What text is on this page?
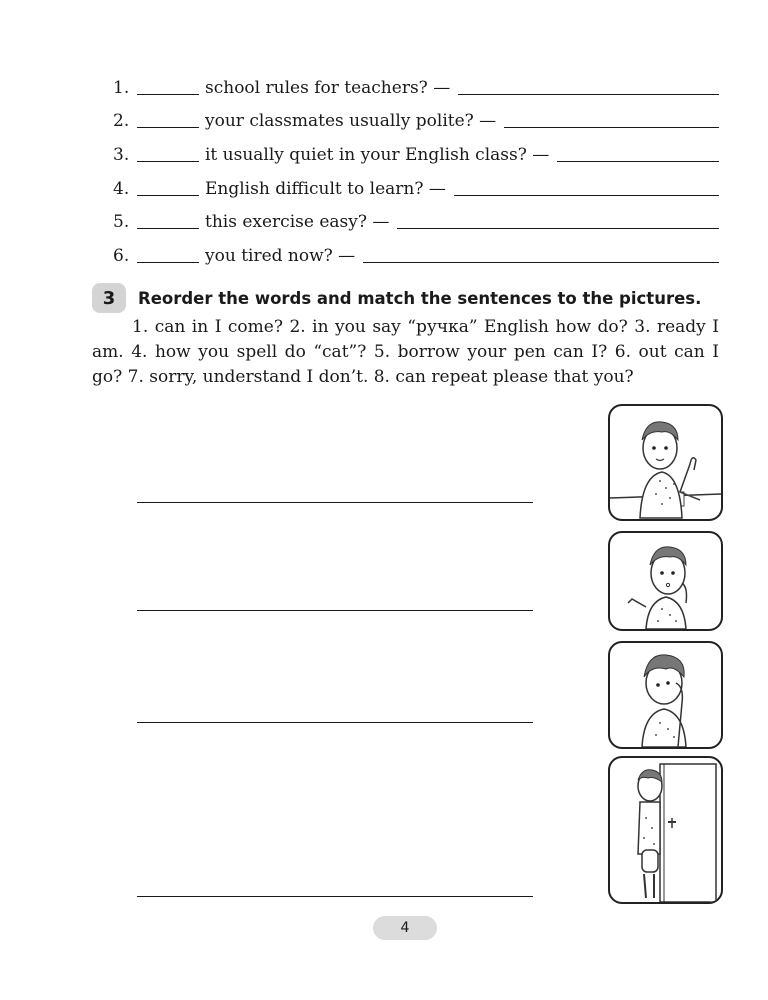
1.	school rules for teachers? —
2.	your classmates usually polite? —
3.	it usually quiet in your English class? —
4.	English difficult to learn? —
5.	this exercise easy? —
6.	you tired now? —
3	Reorder the words and match the sentences to the pictures.
1. can in I come? 2. in you say “ручка” English how do? 3. ready I am. 4. how you spell do “cat”? 5. borrow your pen can I? 6. out can I go? 7. sorry, understand I don’t. 8. can repeat please that you?
4
